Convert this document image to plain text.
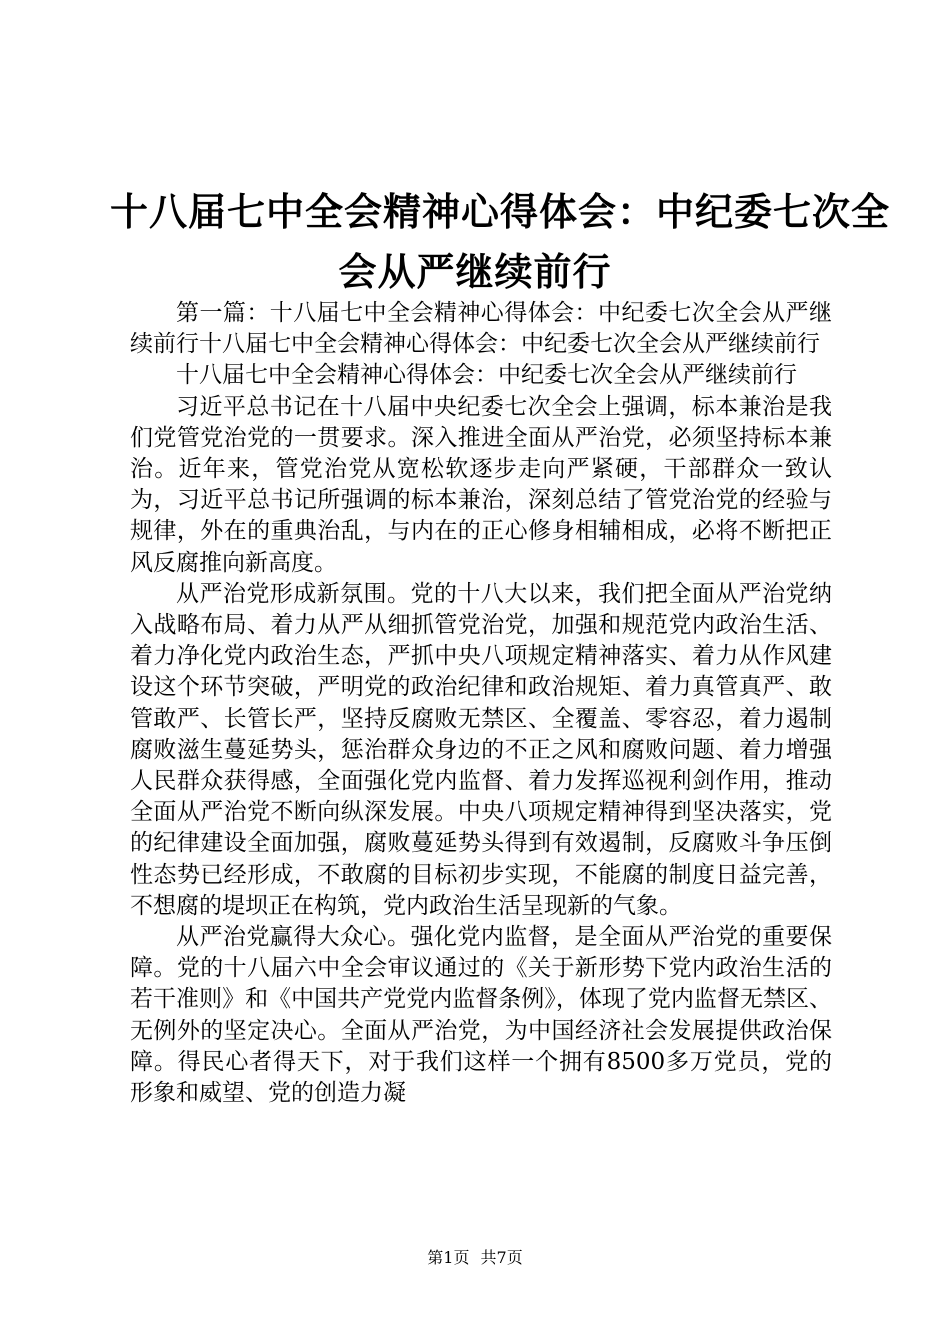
十八届七中全会精神心得体会：中纪委七次全
会从严继续前行

第一篇：十八届七中全会精神心得体会：中纪委七次全会从严继续前行十八届七中全会精神心得体会：中纪委七次全会从严继续前行

十八届七中全会精神心得体会：中纪委七次全会从严继续前行

习近平总书记在十八届中央纪委七次全会上强调，标本兼治是我们党管党治党的一贯要求。深入推进全面从严治党，必须坚持标本兼治。近年来，管党治党从宽松软逐步走向严紧硬，干部群众一致认为，习近平总书记所强调的标本兼治，深刻总结了管党治党的经验与规律，外在的重典治乱，与内在的正心修身相辅相成，必将不断把正风反腐推向新高度。

从严治党形成新氛围。党的十八大以来，我们把全面从严治党纳入战略布局、着力从严从细抓管党治党，加强和规范党内政治生活、着力净化党内政治生态，严抓中央八项规定精神落实、着力从作风建设这个环节突破，严明党的政治纪律和政治规矩、着力真管真严、敢管敢严、长管长严，坚持反腐败无禁区、全覆盖、零容忍，着力遏制腐败滋生蔓延势头，惩治群众身边的不正之风和腐败问题、着力增强人民群众获得感，全面强化党内监督、着力发挥巡视利剑作用，推动全面从严治党不断向纵深发展。中央八项规定精神得到坚决落实，党的纪律建设全面加强，腐败蔓延势头得到有效遏制，反腐败斗争压倒性态势已经形成，不敢腐的目标初步实现，不能腐的制度日益完善，不想腐的堤坝正在构筑，党内政治生活呈现新的气象。

从严治党赢得大众心。强化党内监督，是全面从严治党的重要保障。党的十八届六中全会审议通过的《关于新形势下党内政治生活的若干准则》和《中国共产党党内监督条例》，体现了党内监督无禁区、无例外的坚定决心。全面从严治党，为中国经济社会发展提供政治保障。得民心者得天下，对于我们这样一个拥有8500多万党员，党的形象和威望、党的创造力凝

第1页 共7页
